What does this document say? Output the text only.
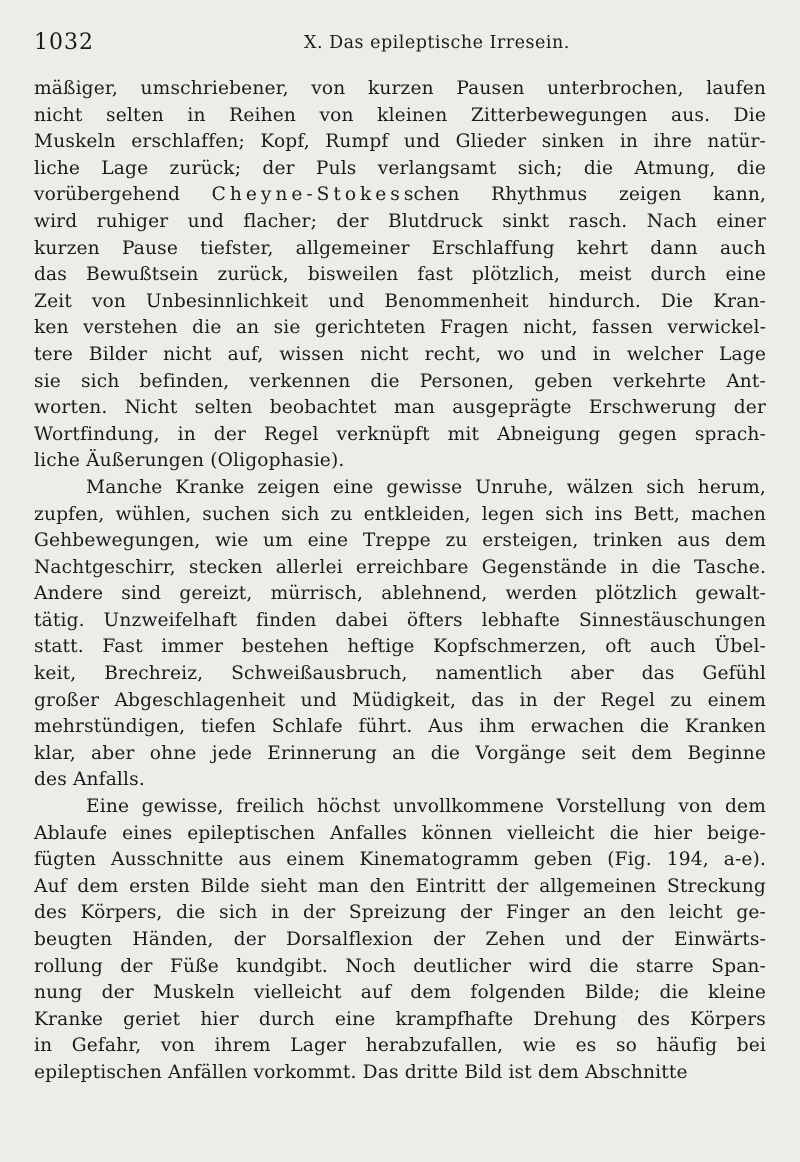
1032	X. Das epileptische Irresein.
mäßiger, umschriebener, von kurzen Pausen unterbrochen, laufen
nicht selten in Reihen von kleinen Zitterbewegungen aus. Die
Muskeln erschlaffen; Kopf, Rumpf und Glieder sinken in ihre natür-
liche Lage zurück; der Puls verlangsamt sich; die Atmung, die
vorübergehend Cheyne-Stokesschen Rhythmus zeigen kann,
wird ruhiger und flacher; der Blutdruck sinkt rasch. Nach einer
kurzen Pause tiefster, allgemeiner Erschlaffung kehrt dann auch
das Bewußtsein zurück, bisweilen fast plötzlich, meist durch eine
Zeit von Unbesinnlichkeit und Benommenheit hindurch. Die Kran-
ken verstehen die an sie gerichteten Fragen nicht, fassen verwickel-
tere Bilder nicht auf, wissen nicht recht, wo und in welcher Lage
sie sich befinden, verkennen die Personen, geben verkehrte Ant-
worten. Nicht selten beobachtet man ausgeprägte Erschwerung der
Wortfindung, in der Regel verknüpft mit Abneigung gegen sprach-
liche Äußerungen (Oligophasie).
Manche Kranke zeigen eine gewisse Unruhe, wälzen sich herum,
zupfen, wühlen, suchen sich zu entkleiden, legen sich ins Bett, machen
Gehbewegungen, wie um eine Treppe zu ersteigen, trinken aus dem
Nachtgeschirr, stecken allerlei erreichbare Gegenstände in die Tasche.
Andere sind gereizt, mürrisch, ablehnend, werden plötzlich gewalt-
tätig. Unzweifelhaft finden dabei öfters lebhafte Sinnestäuschungen
statt. Fast immer bestehen heftige Kopfschmerzen, oft auch Übel-
keit, Brechreiz, Schweißausbruch, namentlich aber das Gefühl
großer Abgeschlagenheit und Müdigkeit, das in der Regel zu einem
mehrstündigen, tiefen Schlafe führt. Aus ihm erwachen die Kranken
klar, aber ohne jede Erinnerung an die Vorgänge seit dem Beginne
des Anfalls.
Eine gewisse, freilich höchst unvollkommene Vorstellung von dem
Ablaufe eines epileptischen Anfalles können vielleicht die hier beige-
fügten Ausschnitte aus einem Kinematogramm geben (Fig. 194, a-e).
Auf dem ersten Bilde sieht man den Eintritt der allgemeinen Streckung
des Körpers, die sich in der Spreizung der Finger an den leicht ge-
beugten Händen, der Dorsalflexion der Zehen und der Einwärts-
rollung der Füße kundgibt. Noch deutlicher wird die starre Span-
nung der Muskeln vielleicht auf dem folgenden Bilde; die kleine
Kranke geriet hier durch eine krampfhafte Drehung des Körpers
in Gefahr, von ihrem Lager herabzufallen, wie es so häufig bei
epileptischen Anfällen vorkommt. Das dritte Bild ist dem Abschnitte
